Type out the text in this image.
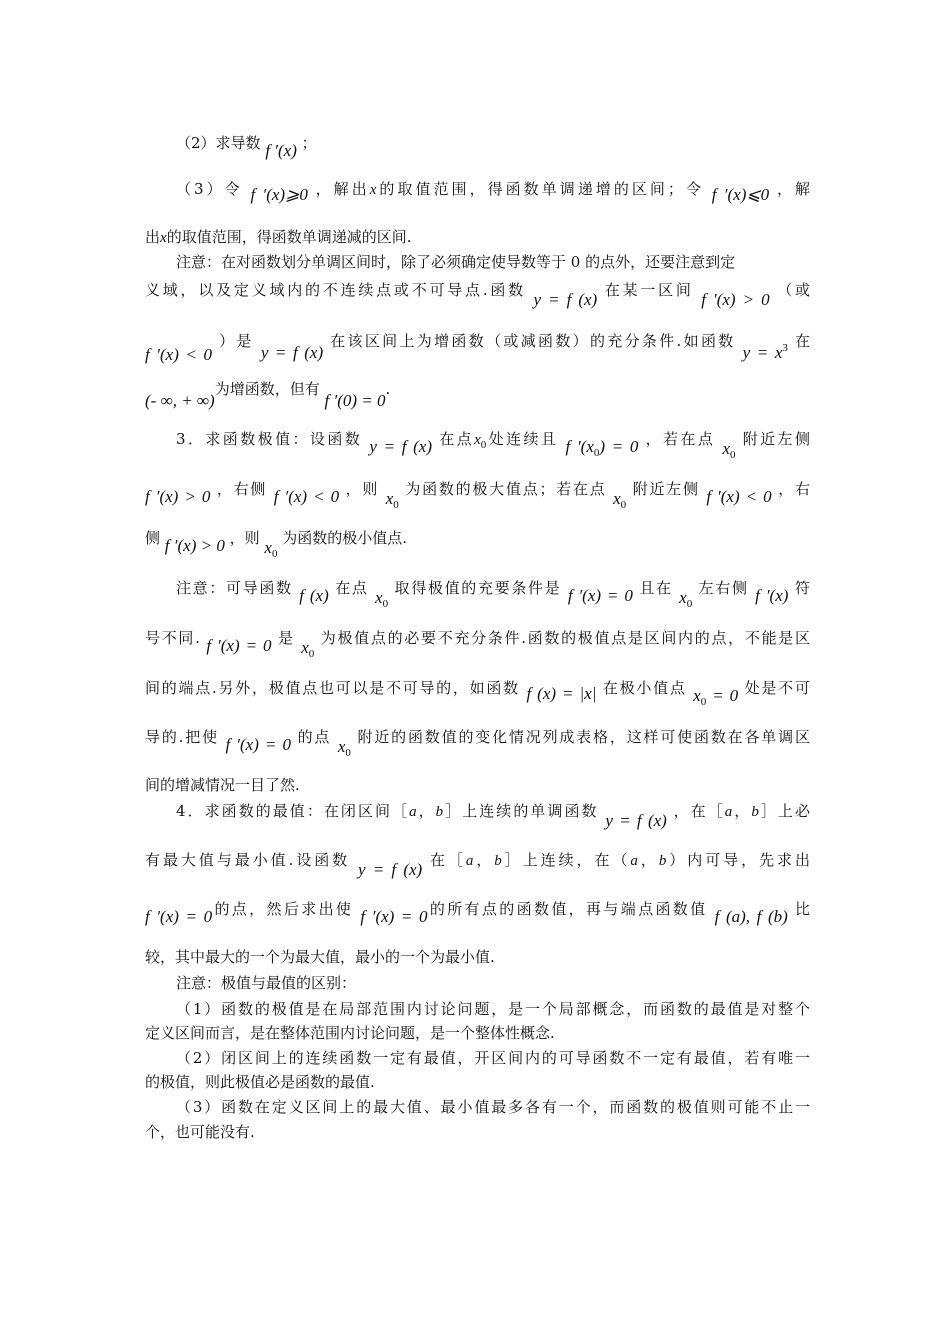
（2）求导数 f ′(x) ；
（3）令 f ′(x)⩾0 ，解出x的取值范围，得函数单调递增的区间；令 f ′(x)⩽0 ，解
出x的取值范围，得函数单调递减的区间.
注意：在对函数划分单调区间时，除了必须确定使导数等于 0 的点外，还要注意到定
义域，以及定义域内的不连续点或不可导点.函数 y = f (x) 在某一区间 f ′(x) > 0 （或
f ′(x) < 0 ）是 y = f (x) 在该区间上为增函数（或减函数）的充分条件.如函数 $y = x^3$ 在
(- ∞, + ∞)为增函数，但有 f ′(0) = 0.
3．求函数极值：设函数 y = f (x) 在点$x_0$处连续且 f $'(x_0) = 0$ ，若在点 $x_0$ 附近左侧
f ′(x) > 0 ，右侧 f ′(x) < 0 ，则 $x_0$ 为函数的极大值点；若在点 $x_0$ 附近左侧 f ′(x) < 0 ，右
侧 f ′(x) > 0 ，则 $x_0$ 为函数的极小值点.
注意：可导函数 f (x) 在点 $x_0$ 取得极值的充要条件是 f ′(x) = 0 且在 $x_0$ 左右侧 f ′(x) 符
号不同. f ′(x) = 0 是 $x_0$ 为极值点的必要不充分条件.函数的极值点是区间内的点，不能是区
间的端点.另外，极值点也可以是不可导的，如函数 f (x) = |x| 在极小值点 $x_0 = 0$ 处是不可
导的.把使 f ′(x) = 0 的点 $x_0$ 附近的函数值的变化情况列成表格，这样可使函数在各单调区
间的增减情况一目了然.
4．求函数的最值：在闭区间［a，b］上连续的单调函数 y = f (x) ，在［a，b］上必
有最大值与最小值.设函数 y = f (x) 在［a，b］上连续，在（a，b）内可导，先求出
f ′(x) = 0的点，然后求出使 f ′(x) = 0的所有点的函数值，再与端点函数值 f (a), f (b) 比
较，其中最大的一个为最大值，最小的一个为最小值.
注意：极值与最值的区别：
（1）函数的极值是在局部范围内讨论问题，是一个局部概念，而函数的最值是对整个
定义区间而言，是在整体范围内讨论问题，是一个整体性概念.
（2）闭区间上的连续函数一定有最值，开区间内的可导函数不一定有最值，若有唯一
的极值，则此极值必是函数的最值.
（3）函数在定义区间上的最大值、最小值最多各有一个，而函数的极值则可能不止一
个，也可能没有.
